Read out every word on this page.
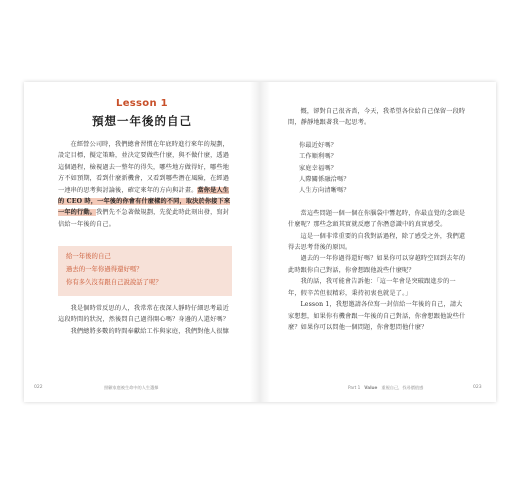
Lesson 1
預想一年後的自己

在經營公司時，我們總會習慣在年底時進行來年的規劃，設定目標，擬定策略，並決定要做些什麼，與不做什麼，透過這個過程，檢視過去一整年的得失，哪些地方做得好，哪些地方不如預期，看到什麼新機會，又看到哪些潛在風險，在經過一連串的思考與討論後，確定來年的方向與計畫。當你是人生的 CEO 時，一年後的你會有什麼樣的不同，取決於你接下來一年的行動。我們先不急著做規劃，先從此時此刻出發，寫封信給一年後的自己。

給一年後的自己
過去的一年你過得還好嗎？
你有多久沒有跟自己說說話了呢？

我是個時常反思的人，我常常在夜深人靜時仔細思考最近這段時間的狀況，然後問自己過得開心嗎？身邊的人還好嗎？

我們總將多數的時間奉獻給工作與家庭，我們對他人很慷

022	照顧家庭被生命中的人生選擇

慨，卻對自己很吝嗇，今天，我希望各位給自己保留一段時間，靜靜地跟著我一起思考。

你最近好嗎？
工作順利嗎？
家庭幸福嗎？
人際關係融洽嗎？
人生方向清晰嗎？

當這些問題一個一個在你腦袋中響起時，你最直覺的念頭是什麼呢？那些念頭其實就反應了你潛意識中的真實感受。

這是一個非常重要的自我對話過程，除了感受之外，我們還得去思考背後的原因。

過去的一年你過得還好嗎？如果你可以穿越時空回到去年的此時跟你自己對話，你會想跟他說些什麼呢？

我的話，我可能會告訴他：「這一年會是突破跟進步的一年，假辛苦但很精彩，秉持初衷也就是了。」

Lesson 1，我想邀請各位寫一封信給一年後的自己，請大家想想，如果你有機會跟一年後的自己對話，你會想跟他說些什麼？如果你可以問他一個問題，你會想問他什麼？

Part 1 Value 重視自己，找尋價值感	023
